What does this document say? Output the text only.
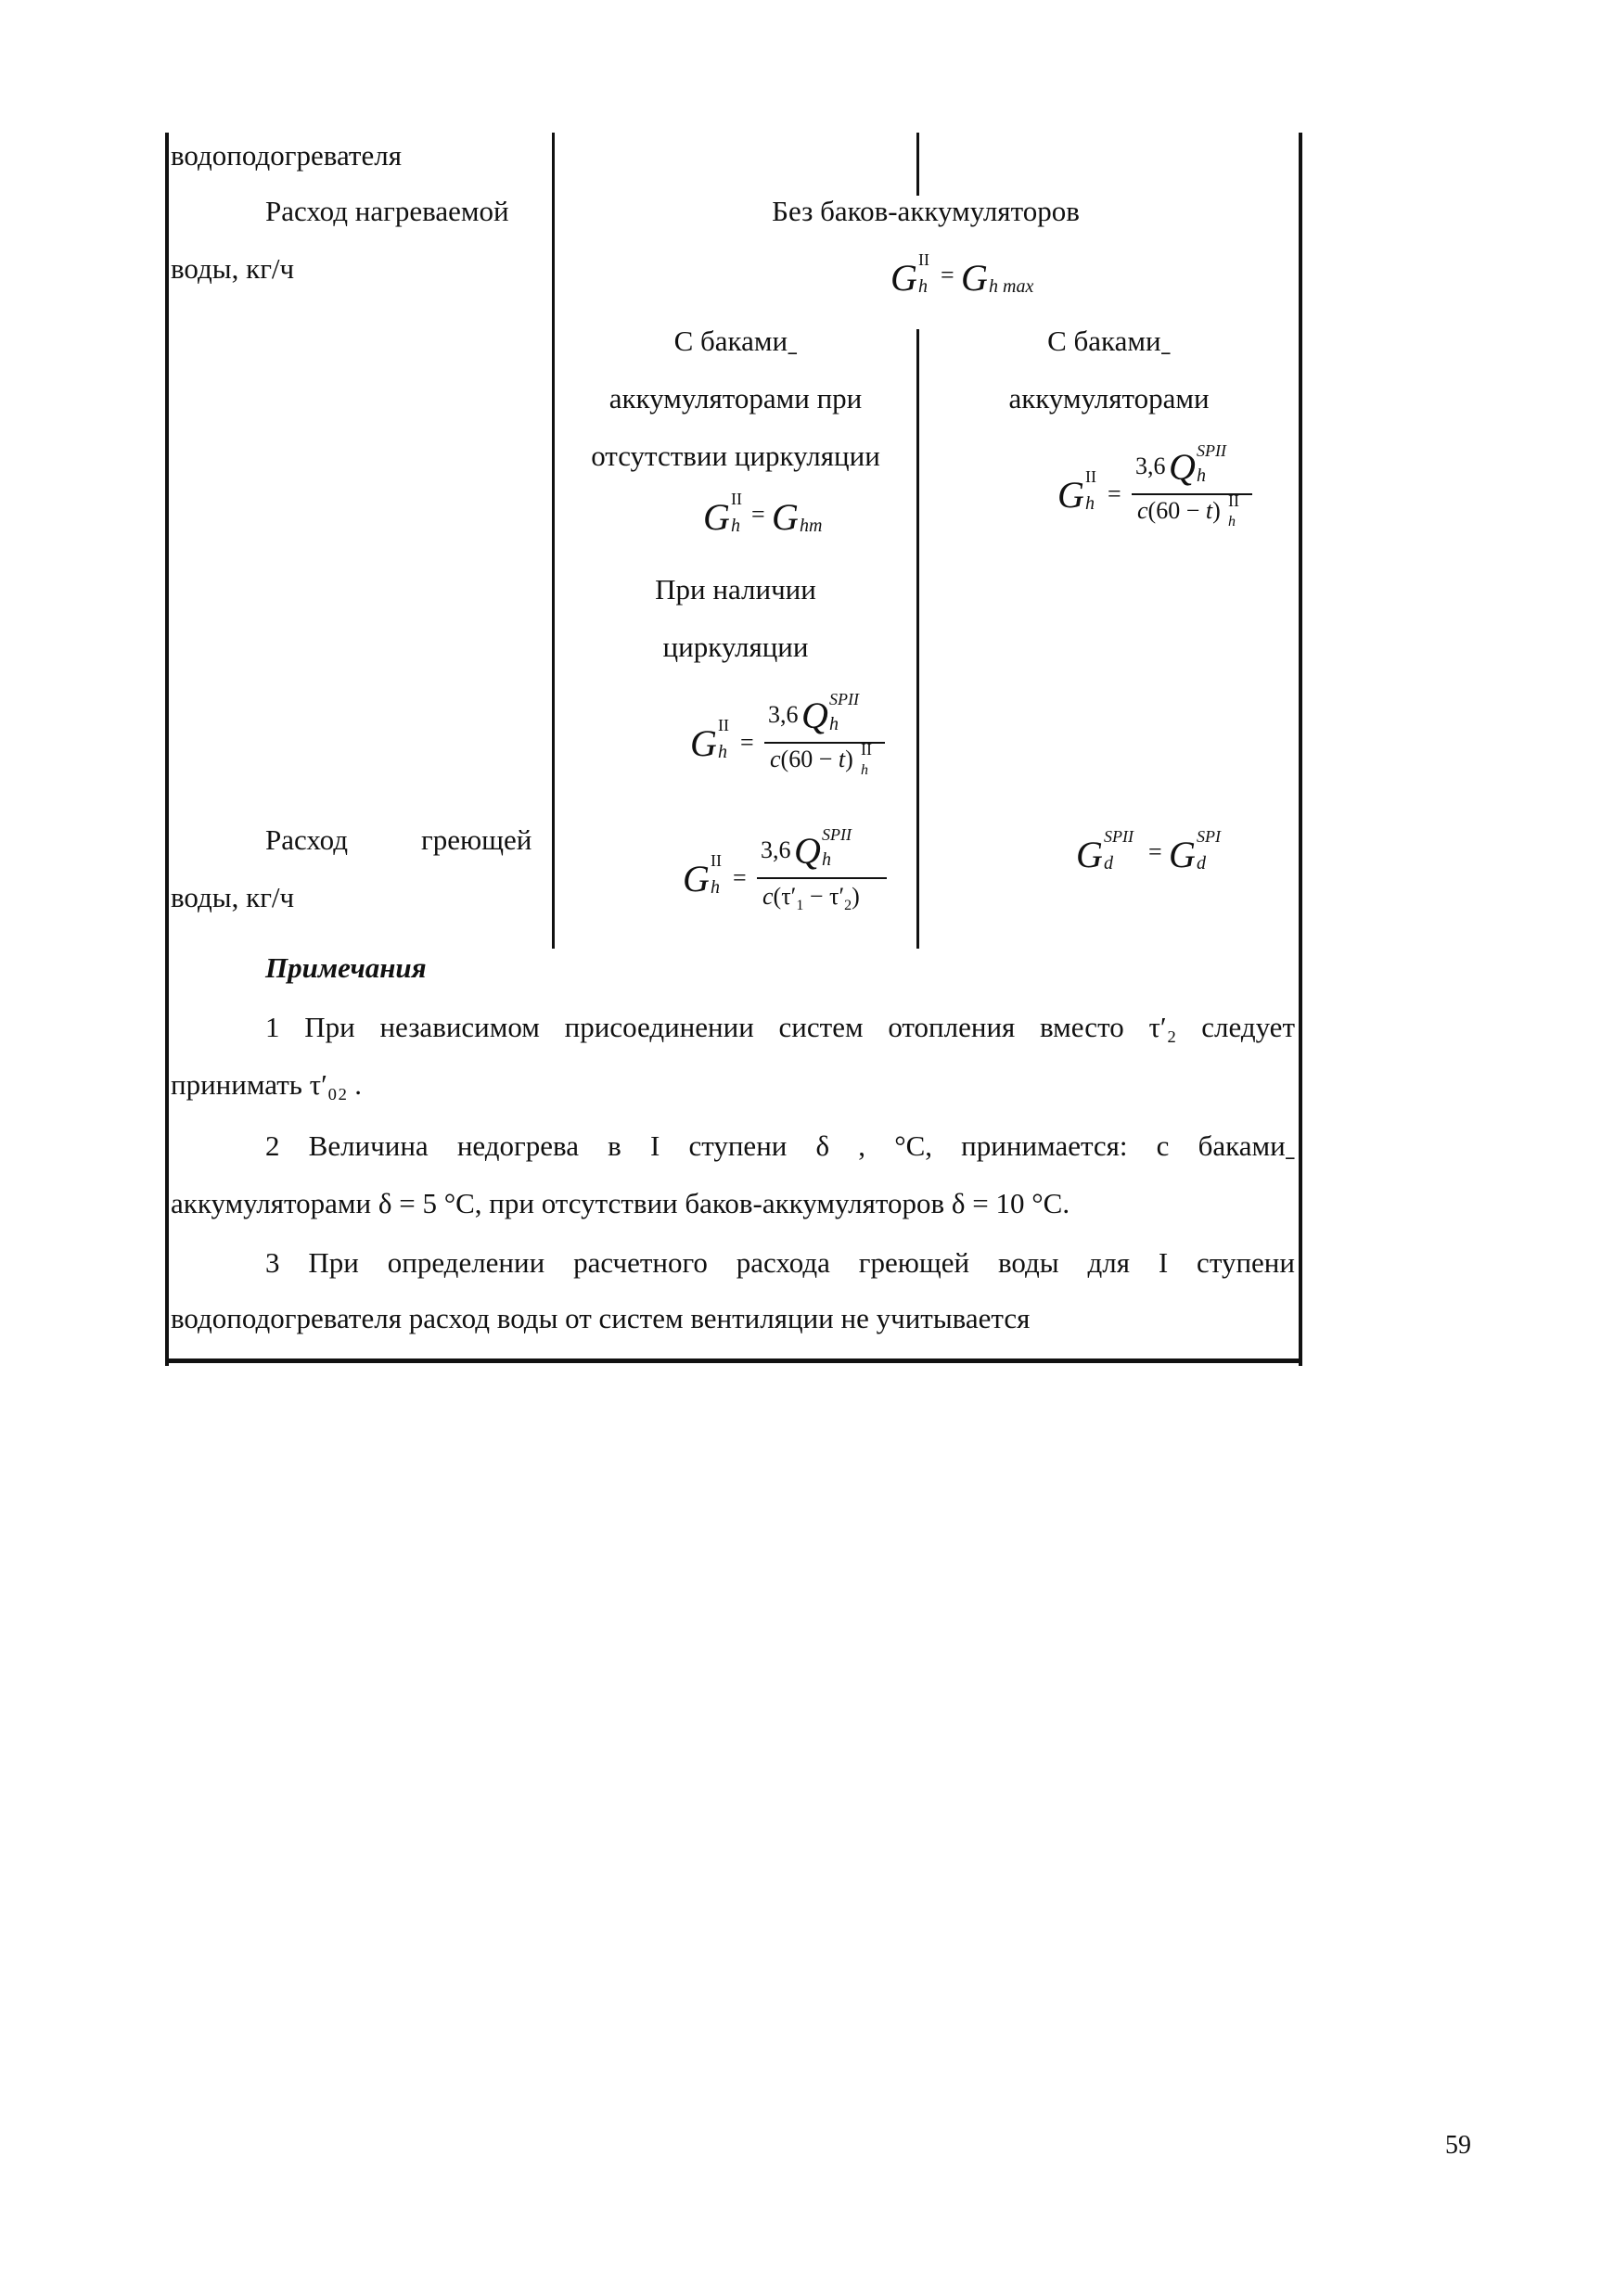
водоподогревателя
Расход нагреваемой
воды, кг/ч
Без баков-аккумуляторов
G II
h = G h max
С бакамиˍ
аккумуляторами при
отсутствии циркуляции
G II
h = G hm
При наличии
циркуляции
G II
h =
3,6 Q SPII
h
c(60 − t) II
h
С бакамиˍ
аккумуляторами
G II
h =
3,6 Q SPII
h
c(60 − t) II
h
Расход	греющей
воды, кг/ч	G II
h =
3,6 Q SPII
h
$c(\tau'_1 - \tau'_2)$
G SPII
d = G SPI
d
Примечания
1 При независимом присоединении систем отопления вместо τ′₂ следует
принимать τ′₀₂ .
2 Величина недогрева в I ступени δ , °С, принимается: с бакамиˍ
аккумуляторами δ = 5 °С, при отсутствии баков-аккумуляторов δ = 10 °С.
3 При определении расчетного расхода греющей воды для I ступени
водоподогревателя расход воды от систем вентиляции не учитывается
59
